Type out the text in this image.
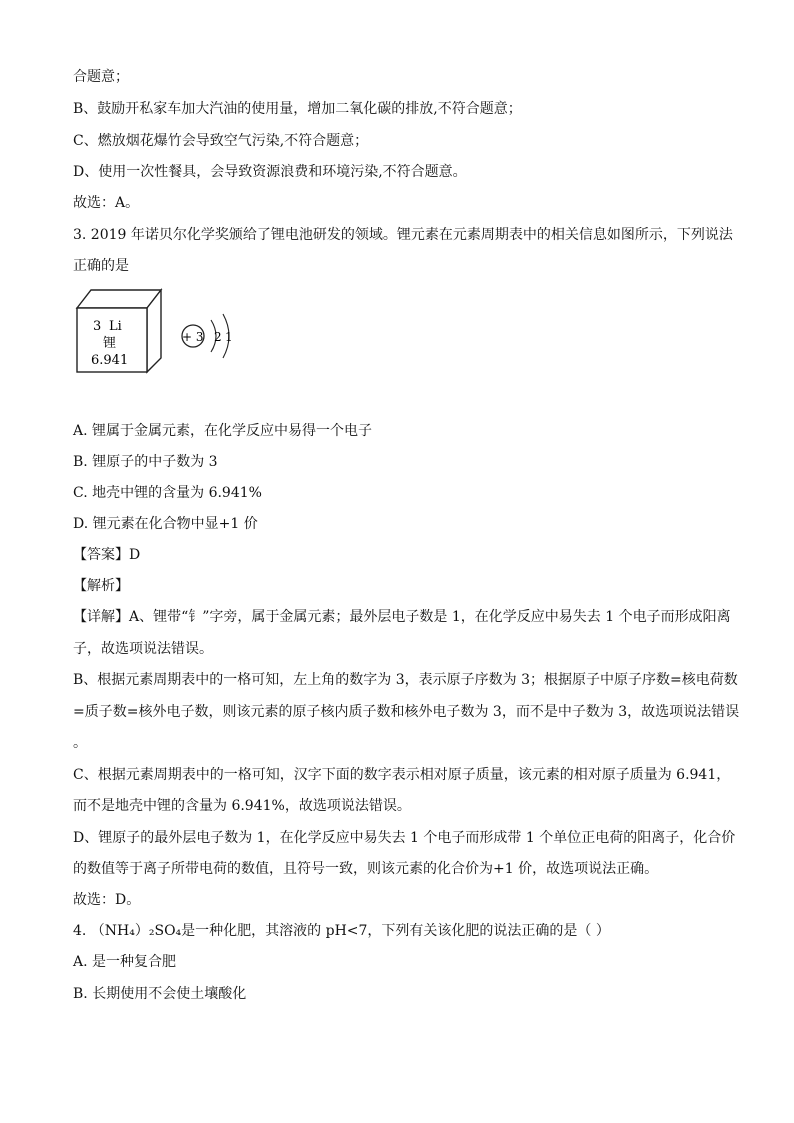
合题意；
B、鼓励开私家车加大汽油的使用量，增加二氧化碳的排放,不符合题意；
C、燃放烟花爆竹会导致空气污染,不符合题意；
D、使用一次性餐具，会导致资源浪费和环境污染,不符合题意。
故选：A。
3. 2019 年诺贝尔化学奖颁给了锂电池研发的领域。锂元素在元素周期表中的相关信息如图所示，下列说法
正确的是
3 Li
锂
6.941
+ 3 2 1
A. 锂属于金属元素，在化学反应中易得一个电子
B. 锂原子的中子数为 3
C. 地壳中锂的含量为 6.941%
D. 锂元素在化合物中显+1 价
【答案】D
【解析】
【详解】A、锂带“钅”字旁，属于金属元素；最外层电子数是 1，在化学反应中易失去 1 个电子而形成阳离
子，故选项说法错误。
B、根据元素周期表中的一格可知，左上角的数字为 3，表示原子序数为 3；根据原子中原子序数=核电荷数
=质子数=核外电子数，则该元素的原子核内质子数和核外电子数为 3，而不是中子数为 3，故选项说法错误
。
C、根据元素周期表中的一格可知，汉字下面的数字表示相对原子质量，该元素的相对原子质量为 6.941，
而不是地壳中锂的含量为 6.941%，故选项说法错误。
D、锂原子的最外层电子数为 1，在化学反应中易失去 1 个电子而形成带 1 个单位正电荷的阳离子，化合价
的数值等于离子所带电荷的数值，且符号一致，则该元素的化合价为+1 价，故选项说法正确。
故选：D。
4. （NH₄）₂SO₄是一种化肥，其溶液的 pH<7，下列有关该化肥的说法正确的是（ ）
A. 是一种复合肥
B. 长期使用不会使土壤酸化
